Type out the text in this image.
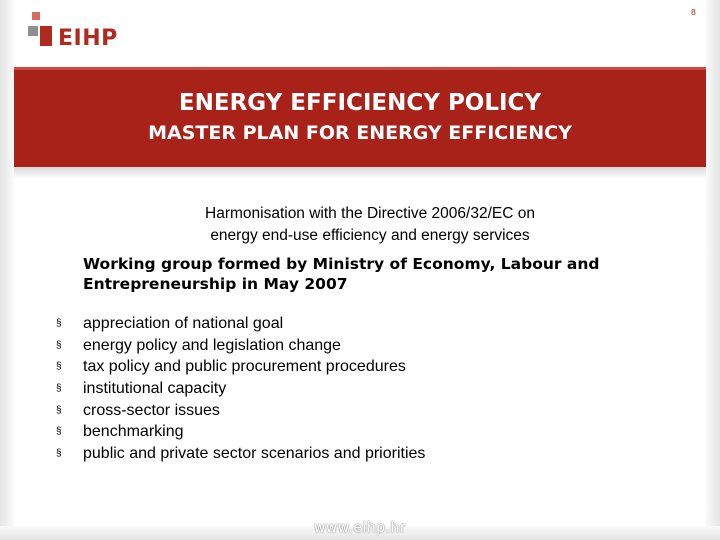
EIHP
8
ENERGY EFFICIENCY POLICY
MASTER PLAN FOR ENERGY EFFICIENCY
Harmonisation with the Directive 2006/32/EC on
energy end-use efficiency and energy services
Working group formed by Ministry of Economy, Labour and
Entrepreneurship in May 2007
§ appreciation of national goal
§ energy policy and legislation change
§ tax policy and public procurement procedures
§ institutional capacity
§ cross-sector issues
§ benchmarking
§ public and private sector scenarios and priorities
www.eihp.hr
